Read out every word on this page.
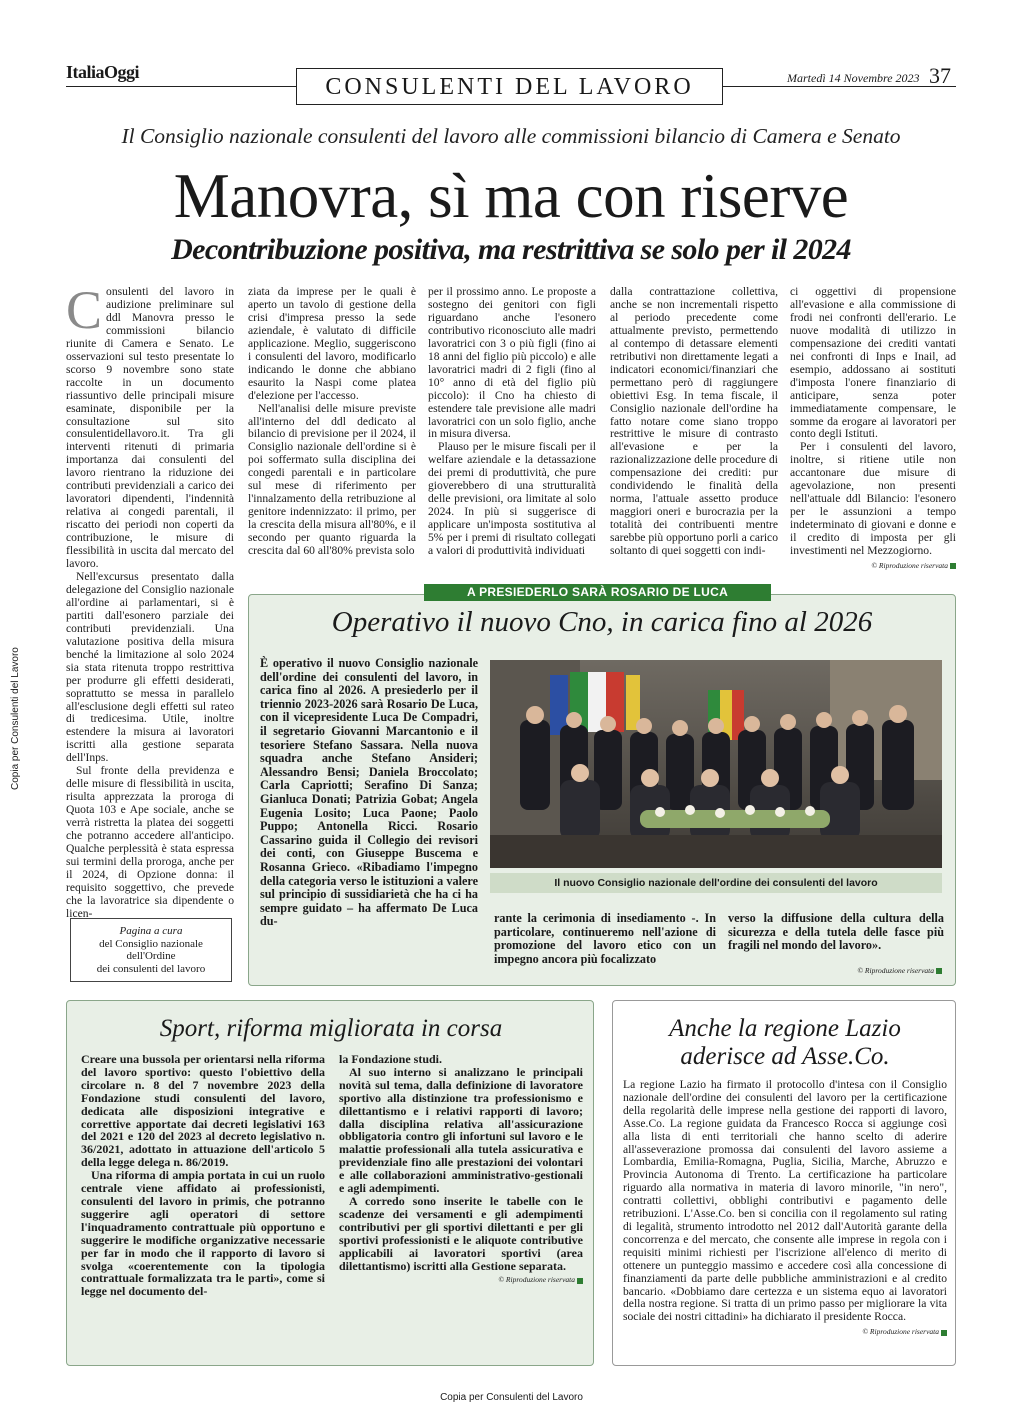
ItaliaOggi
CONSULENTI DEL LAVORO	Martedì 14 Novembre 2023 37
Il Consiglio nazionale consulenti del lavoro alle commissioni bilancio di Camera e Senato
Manovra, sì ma con riserve
Decontribuzione positiva, ma restrittiva se solo per il 2024

Consulenti del lavoro in audizione preliminare sul ddl Manovra presso le commissioni bilancio riunite di Camera e Senato. Le osservazioni sul testo presentate lo scorso 9 novembre sono state raccolte in un documento riassuntivo delle principali misure esaminate, disponibile per la consultazione sul sito consulentidellavoro.it. Tra gli interventi ritenuti di primaria importanza dai consulenti del lavoro rientrano la riduzione dei contributi previdenziali a carico dei lavoratori dipendenti, l'indennità relativa ai congedi parentali, il riscatto dei periodi non coperti da contribuzione, le misure di flessibilità in uscita dal mercato del lavoro.

Nell'excursus presentato dalla delegazione del Consiglio nazionale all'ordine ai parlamentari, si è partiti dall'esonero parziale dei contributi previdenziali. Una valutazione positiva della misura benché la limitazione al solo 2024 sia stata ritenuta troppo restrittiva per produrre gli effetti desiderati, soprattutto se messa in parallelo all'esclusione degli effetti sul rateo di tredicesima. Utile, inoltre estendere la misura ai lavoratori iscritti alla gestione separata dell'Inps.

Sul fronte della previdenza e delle misure di flessibilità in uscita, risulta apprezzata la proroga di Quota 103 e Ape sociale, anche se verrà ristretta la platea dei soggetti che potranno accedere all'anticipo. Qualche perplessità è stata espressa sui termini della proroga, anche per il 2024, di Opzione donna: il requisito soggettivo, che prevede che la lavoratrice sia dipendente o licen-

ziata da imprese per le quali è aperto un tavolo di gestione della crisi d'impresa presso la sede aziendale, è valutato di difficile applicazione. Meglio, suggeriscono i consulenti del lavoro, modificarlo indicando le donne che abbiano esaurito la Naspi come platea d'elezione per l'accesso.

Nell'analisi delle misure previste all'interno del ddl dedicato al bilancio di previsione per il 2024, il Consiglio nazionale dell'ordine si è poi soffermato sulla disciplina dei congedi parentali e in particolare sul mese di riferimento per l'innalzamento della retribuzione al genitore indennizzato: il primo, per la crescita della misura all'80%, e il secondo per quanto riguarda la crescita dal 60 all'80% prevista solo

per il prossimo anno. Le proposte a sostegno dei genitori con figli riguardano anche l'esonero contributivo riconosciuto alle madri lavoratrici con 3 o più figli (fino ai 18 anni del figlio più piccolo) e alle lavoratrici madri di 2 figli (fino al 10° anno di età del figlio più piccolo): il Cno ha chiesto di estendere tale previsione alle madri lavoratrici con un solo figlio, anche in misura diversa.

Plauso per le misure fiscali per il welfare aziendale e la detassazione dei premi di produttività, che pure gioverebbero di una strutturalità delle previsioni, ora limitate al solo 2024. In più si suggerisce di applicare un'imposta sostitutiva al 5% per i premi di risultato collegati a valori di produttività individuati

dalla contrattazione collettiva, anche se non incrementali rispetto al periodo precedente come attualmente previsto, permettendo al contempo di detassare elementi retributivi non direttamente legati a indicatori economici/finanziari che permettano però di raggiungere obiettivi Esg. In tema fiscale, il Consiglio nazionale dell'ordine ha fatto notare come siano troppo restrittive le misure di contrasto all'evasione e per la razionalizzazione delle procedure di compensazione dei crediti: pur condividendo le finalità della norma, l'attuale assetto produce maggiori oneri e burocrazia per la totalità dei contribuenti mentre sarebbe più opportuno porli a carico soltanto di quei soggetti con indi-

ci oggettivi di propensione all'evasione e alla commissione di frodi nei confronti dell'erario. Le nuove modalità di utilizzo in compensazione dei crediti vantati nei confronti di Inps e Inail, ad esempio, addossano ai sostituti d'imposta l'onere finanziario di anticipare, senza poter immediatamente compensare, le somme da erogare ai lavoratori per conto degli Istituti.

Per i consulenti del lavoro, inoltre, si ritiene utile non accantonare due misure di agevolazione, non presenti nell'attuale ddl Bilancio: l'esonero per le assunzioni a tempo indeterminato di giovani e donne e il credito di imposta per gli investimenti nel Mezzogiorno.

© Riproduzione riservata

Pagina a cura
del Consiglio nazionale
dell'Ordine
dei consulenti del lavoro
A PRESIEDERLO SARÀ ROSARIO DE LUCA
Operativo il nuovo Cno, in carica fino al 2026
È operativo il nuovo Consiglio nazionale dell'ordine dei consulenti del lavoro, in carica fino al 2026. A presiederlo per il triennio 2023-2026 sarà Rosario De Luca, con il vicepresidente Luca De Compadri, il segretario Giovanni Marcantonio e il tesoriere Stefano Sassara. Nella nuova squadra anche Stefano Ansideri; Alessandro Bensi; Daniela Broccolato; Carla Capriotti; Serafino Di Sanza; Gianluca Donati; Patrizia Gobat; Angela Eugenia Losito; Luca Paone; Paolo Puppo; Antonella Ricci. Rosario Cassarino guida il Collegio dei revisori dei conti, con Giuseppe Buscema e Rosanna Grieco. «Ribadiamo l'impegno della categoria verso le istituzioni a valere sul principio di sussidiarietà che ha ci ha sempre guidato – ha affermato De Luca du-
Il nuovo Consiglio nazionale dell'ordine dei consulenti del lavoro
rante la cerimonia di insediamento -. In particolare, continueremo nell'azione di promozione del lavoro etico con un impegno ancora più focalizzato
verso la diffusione della cultura della sicurezza e della tutela delle fasce più fragili nel mondo del lavoro».
© Riproduzione riservata
Sport, riforma migliorata in corsa

Creare una bussola per orientarsi nella riforma del lavoro sportivo: questo l'obiettivo della circolare n. 8 del 7 novembre 2023 della Fondazione studi consulenti del lavoro, dedicata alle disposizioni integrative e correttive apportate dai decreti legislativi 163 del 2021 e 120 del 2023 al decreto legislativo n. 36/2021, adottato in attuazione dell'articolo 5 della legge delega n. 86/2019.

Una riforma di ampia portata in cui un ruolo centrale viene affidato ai professionisti, consulenti del lavoro in primis, che potranno suggerire agli operatori di settore l'inquadramento contrattuale più opportuno e suggerire le modifiche organizzative necessarie per far in modo che il rapporto di lavoro si svolga «coerentemente con la tipologia contrattuale formalizzata tra le parti», come si legge nel documento del-

la Fondazione studi.

Al suo interno si analizzano le principali novità sul tema, dalla definizione di lavoratore sportivo alla distinzione tra professionismo e dilettantismo e i relativi rapporti di lavoro; dalla disciplina relativa all'assicurazione obbligatoria contro gli infortuni sul lavoro e le malattie professionali alla tutela assicurativa e previdenziale fino alle prestazioni dei volontari e alle collaborazioni amministrativo-gestionali e agli adempimenti.

A corredo sono inserite le tabelle con le scadenze dei versamenti e gli adempimenti contributivi per gli sportivi dilettanti e per gli sportivi professionisti e le aliquote contributive applicabili ai lavoratori sportivi (area dilettantismo) iscritti alla Gestione separata.

© Riproduzione riservata

Anche la regione Lazio
aderisce ad Asse.Co.

La regione Lazio ha firmato il protocollo d'intesa con il Consiglio nazionale dell'ordine dei consulenti del lavoro per la certificazione della regolarità delle imprese nella gestione dei rapporti di lavoro, Asse.Co. La regione guidata da Francesco Rocca si aggiunge così alla lista di enti territoriali che hanno scelto di aderire all'asseverazione promossa dai consulenti del lavoro assieme a Lombardia, Emilia-Romagna, Puglia, Sicilia, Marche, Abruzzo e Provincia Autonoma di Trento. La certificazione ha particolare riguardo alla normativa in materia di lavoro minorile, "in nero", contratti collettivi, obblighi contributivi e pagamento delle retribuzioni. L'Asse.Co. ben si concilia con il regolamento sul rating di legalità, strumento introdotto nel 2012 dall'Autorità garante della concorrenza e del mercato, che consente alle imprese in regola con i requisiti minimi richiesti per l'iscrizione all'elenco di merito di ottenere un punteggio massimo e accedere così alla concessione di finanziamenti da parte delle pubbliche amministrazioni e al credito bancario. «Dobbiamo dare certezza e un sistema equo ai lavoratori della nostra regione. Si tratta di un primo passo per migliorare la vita sociale dei nostri cittadini» ha dichiarato il presidente Rocca.

© Riproduzione riservata

Copia per Consulenti del Lavoro
Copia per Consulenti del Lavoro
